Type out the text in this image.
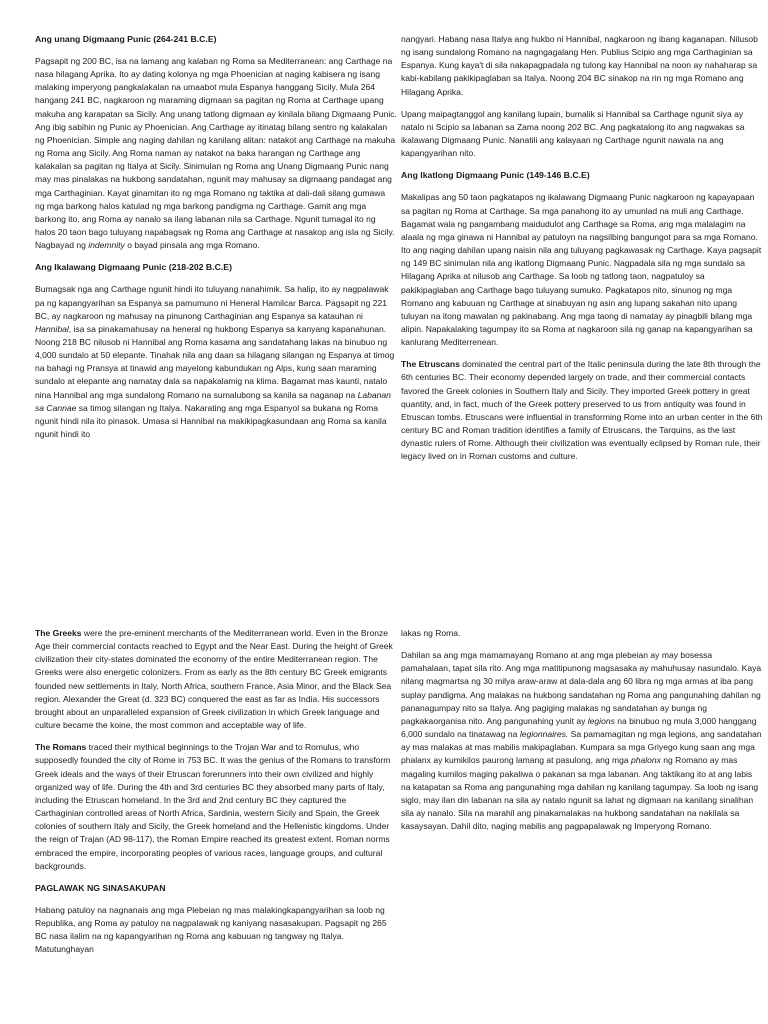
Ang unang Digmaang Punic (264-241 B.C.E)

Pagsapit ng 200 BC, isa na lamang ang kalaban ng Roma sa Mediterranean: ang Carthage na nasa hilagang Aprika. Ito ay dating kolonya ng mga Phoenician at naging kabisera ng isang malaking imperyong pangkalakalan na umaabot mula Espanya hanggang Sicily. Mula 264 hangang 241 BC, nagkaroon ng maraming digmaan sa pagitan ng Roma at Carthage upang makuha ang karapatan sa Sicily. Ang unang tatlong digmaan ay kinilala bilang Digmaang Punic. Ang ibig sabihin ng Punic ay Phoenician. Ang Carthage ay itinatag bilang sentro ng kalakalan ng Phoenician. Simple ang naging dahilan ng kanilang alitan: natakot ang Carthage na makuha ng Roma ang Sicily. Ang Roma naman ay natakot na baka harangan ng Carthage ang kalakalan sa pagitan ng Italya at Sicily. Sinimulan ng Roma ang Unang Digmaang Punic nang may mas pinalakas na hukbong sandatahan, ngunit may mahusay sa digmaang pandagat ang mga Carthaginian. Kayat ginamitan ito ng mga Romano ng taktika at dali-dali silang gumawa ng mga barkong halos katulad ng mga barkong pandigma ng Carthage. Gamit ang mga barkong ito, ang Roma ay nanalo sa ilang labanan nila sa Carthage. Ngunit tumagal ito ng halos 20 taon bago tuluyang napabagsak ng Roma ang Carthage at nasakop ang isla ng Sicily. Nagbayad ng indemnity o bayad pinsala ang mga Romano.

Ang Ikalawang Digmaang Punic (218-202 B.C.E)

Bumagsak nga ang Carthage ngunit hindi ito tuluyang nanahimik. Sa halip, ito ay nagpalawak pa ng kapangyarihan sa Espanya sa pamumuno ni Heneral Hamilcar Barca. Pagsapit ng 221 BC, ay nagkaroon ng mahusay na pinunong Carthaginian ang Espanya sa katauhan ni Hannibal, isa sa pinakamahusay na heneral ng hukbong Espanya sa kanyang kapanahunan. Noong 218 BC nilusob ni Hannibal ang Roma kasama ang sandatahang lakas na binubuo ng 4,000 sundalo at 50 elepante. Tinahak nila ang daan sa hilagang silangan ng Espanya at timog na bahagi ng Pransya at tinawid ang mayelong kabundukan ng Alps, kung saan maraming sundalo at elepante ang namatay dala sa napakalamig na klima. Bagamat mas kaunti, natalo nina Hannibal ang mga sundalong Romano na sumalubong sa kanila sa naganap na Labanan sa Cannae sa timog silangan ng Italya. Nakarating ang mga Espanyol sa bukana ng Roma ngunit hindi nila ito pinasok. Umasa si Hannibal na makikipagkasundaan ang Roma sa kanila ngunit hindi ito

nangyari. Habang nasa Italya ang hukbo ni Hannibal, nagkaroon ng ibang kaganapan. Nilusob ng isang sundalong Romano na nagngagalang Hen. Publius Scipio ang mga Carthaginian sa Espanya. Kung kaya't di sila nakapagpadala ng tulong kay Hannibal na noon ay nahaharap sa kabi-kabilang pakikipaglaban sa Italya. Noong 204 BC sinakop na rin ng mga Romano ang Hilagang Aprika.

Upang maipagtanggol ang kanilang lupain, bumalik si Hannibal sa Carthage ngunit siya ay natalo ni Scipio sa labanan sa Zama noong 202 BC. Ang pagkatalong ito ang nagwakas sa ikalawang Digmaang Punic. Nanatili ang kalayaan ng Carthage ngunit nawala na ang kapangyarihan nito.

Ang Ikatlong Digmaang Punic (149-146 B.C.E)

Makalipas ang 50 taon pagkatapos ng ikalawang Digmaang Punic nagkaroon ng kapayapaan sa pagitan ng Roma at Carthage. Sa mga panahong ito ay umunlad na muli ang Carthage. Bagamat wala ng pangambang maidudulot ang Carthage sa Roma, ang mga malalagim na alaala ng mga ginawa ni Hannibal ay patuloyn na nagsilbing bangungot para sa mga Romano. Ito ang naging dahilan upang naisin nila ang tuluyang pagkawasak ng Carthage. Kaya pagsapit ng 149 BC sinimulan nila ang ikatlong Digmaang Punic. Nagpadala sila ng mga sundalo sa Hilagang Aprika at nilusob ang Carthage. Sa loob ng tatlong taon, nagpatuloy sa pakikipaglaban ang Carthage bago tuluyang sumuko. Pagkatapos nito, sinunog ng mga Romano ang kabuuan ng Carthage at sinabuyan ng asin ang lupang sakahan nito upang tuluyan na itong mawalan ng pakinabang. Ang mga taong di namatay ay pinagbili bilang mga alipin. Napakalaking tagumpay ito sa Roma at nagkaroon sila ng ganap na kapangyarihan sa kanlurang Mediterrenean.

The Etruscans dominated the central part of the Italic peninsula during the late 8th through the 6th centuries BC. Their economy depended largely on trade, and their commercial contacts favored the Greek colonies in Southern Italy and Sicily. They imported Greek pottery in great quantity, and, in fact, much of the Greek pottery preserved to us from antiquity was found in Etruscan tombs. Etruscans were influential in transforming Rome into an urban center in the 6th century BC and Roman tradition identifies a family of Etruscans, the Tarquins, as the last dynastic rulers of Rome. Although their civilization was eventually eclipsed by Roman rule, their legacy lived on in Roman customs and culture.

The Greeks were the pre-eminent merchants of the Mediterranean world. Even in the Bronze Age their commercial contacts reached to Egypt and the Near East. During the height of Greek civilization their city-states dominated the economy of the entire Mediterranean region. The Greeks were also energetic colonizers. From as early as the 8th century BC Greek emigrants founded new settlements in Italy, North Africa, southern France, Asia Minor, and the Black Sea region. Alexander the Great (d. 323 BC) conquered the east as far as India. His successors brought about an unparalleled expansion of Greek civilization in which Greek language and culture became the koine, the most common and acceptable way of life.

The Romans traced their mythical beginnings to the Trojan War and to Romulus, who supposedly founded the city of Rome in 753 BC. It was the genius of the Romans to transform Greek ideals and the ways of their Etruscan forerunners into their own civilized and highly organized way of life. During the 4th and 3rd centuries BC they absorbed many parts of Italy, including the Etruscan homeland. In the 3rd and 2nd century BC they captured the Carthaginian controlled areas of North Africa, Sardinia, western Sicily and Spain, the Greek colonies of southern Italy and Sicily, the Greek homeland and the Hellenistic kingdoms. Under the reign of Trajan (AD 98-117), the Roman Empire reached its greatest extent. Roman norms embraced the empire, incorporating peoples of various races, language groups, and cultural backgrounds.

PAGLAWAK NG SINASAKUPAN

Habang patuloy na nagnanais ang mga Plebeian ng mas malakingkapangyarihan sa loob ng Republika, ang Roma ay patuloy na nagpalawak ng kaniyang nasasakupan. Pagsapit ng 265 BC nasa ilalim na ng kapangyarihan ng Roma ang kabuuan ng tangway ng Italya. Matutunghayan

lakas ng Roma.

Dahilan sa ang mga mamamayang Romano at ang mga plebeian ay may bosessa pamahalaan, tapat sila rito. Ang mga matitipunong magsasaka ay mahuhusay nasundalo. Kaya nilang magmartsa ng 30 milya araw-araw at dala-dala ang 60 libra ng mga armas at iba pang suplay pandigma. Ang malakas na hukbong sandatahan ng Roma ang pangunahing dahilan ng pananagumpay nito sa Italya. Ang pagiging malakas ng sandatahan ay bunga ng pagkakaorganisa nito. Ang pangunahing yunit ay legions na binubuo ng mula 3,000 hanggang 6,000 sundalo na tinatawag na legionnaires. Sa pamamagitan ng mga legions, ang sandatahan ay mas malakas at mas mabilis makipaglaban. Kumpara sa mga Griyego kung saan ang mga phalanx ay kumikilos paurong lamang at pasulong, ang mga phalonx ng Romano ay mas magaling kumilos maging pakaliwa o pakanan sa mga labanan. Ang taktikang ito at ang labis na katapatan sa Roma ang pangunahing mga dahilan ng kanilang tagumpay. Sa loob ng isang siglo, may ilan din labanan na sila ay natalo ngunit sa lahat ng digmaan na kanilang sinalihan sila ay nanalo. Sila na marahil ang pinakamalakas na hukbong sandatahan na nakilala sa kasaysayan. Dahil dito, naging mabilis ang pagpapalawak ng Imperyong Romano.
